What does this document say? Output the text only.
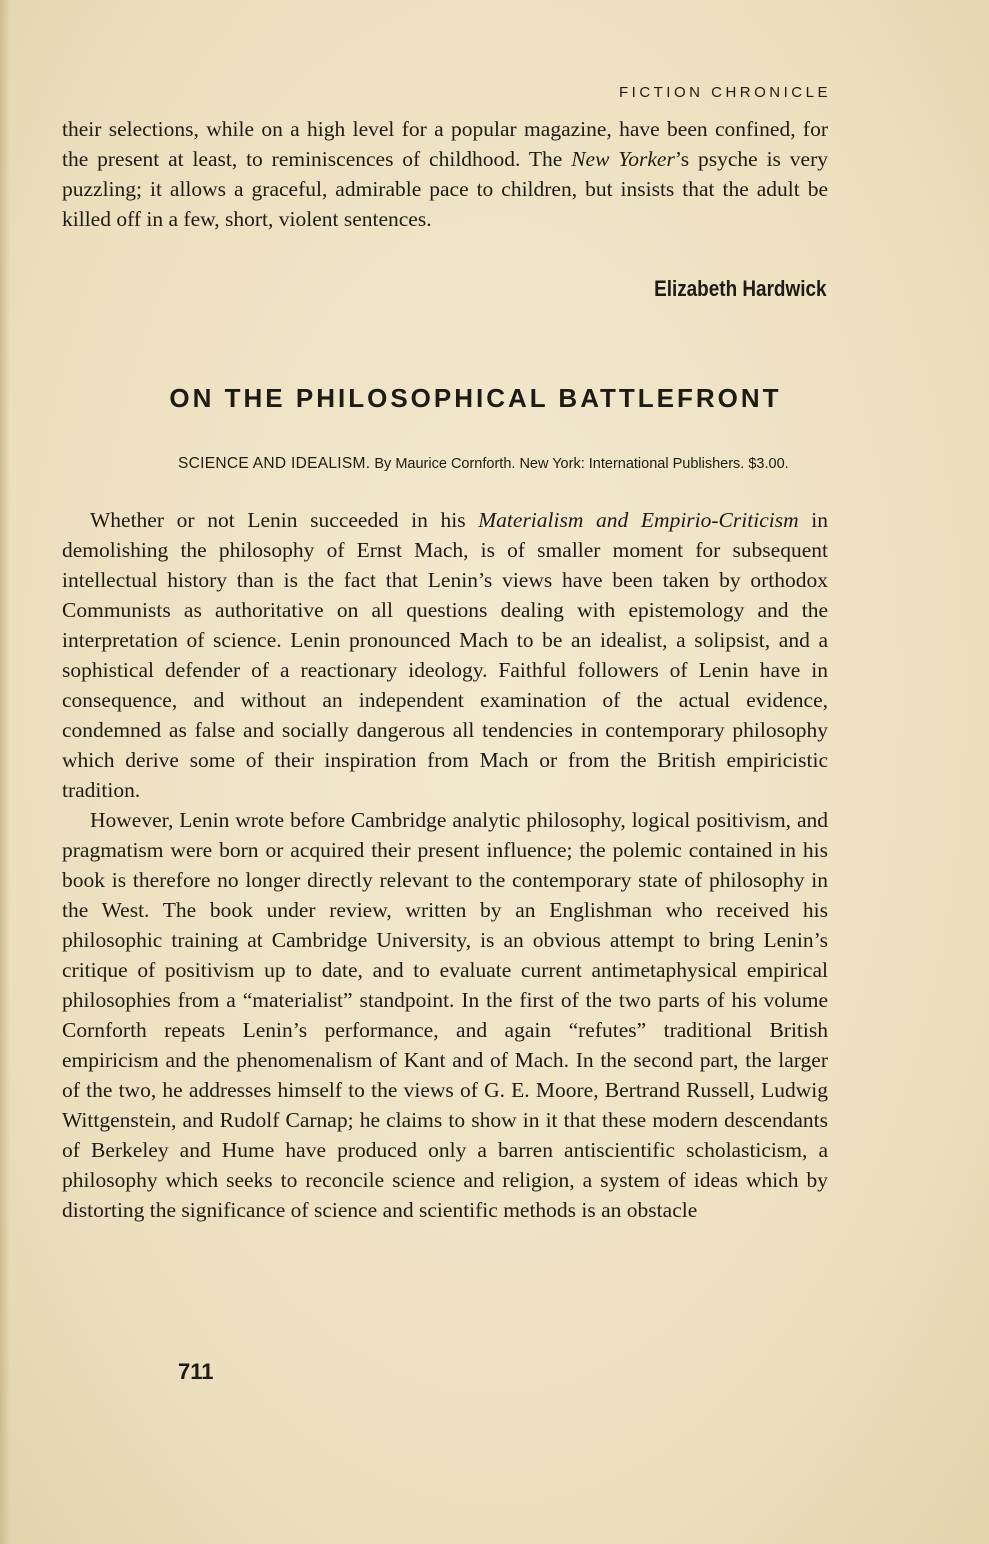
FICTION CHRONICLE

their selections, while on a high level for a popular magazine, have been confined, for the present at least, to reminiscences of childhood. The New Yorker’s psyche is very puzzling; it allows a graceful, admirable pace to children, but insists that the adult be killed off in a few, short, violent sentences.

Elizabeth Hardwick
ON THE PHILOSOPHICAL BATTLEFRONT
SCIENCE AND IDEALISM. By Maurice Cornforth. New York: International Publishers. $3.00.

Whether or not Lenin succeeded in his Materialism and Empirio-Criticism in demolishing the philosophy of Ernst Mach, is of smaller moment for subsequent intellectual history than is the fact that Lenin’s views have been taken by orthodox Communists as authoritative on all questions dealing with epistemology and the interpretation of science. Lenin pronounced Mach to be an idealist, a solipsist, and a sophistical defender of a reactionary ideology. Faithful followers of Lenin have in consequence, and without an independent examination of the actual evidence, condemned as false and socially dangerous all tendencies in contemporary philosophy which derive some of their inspiration from Mach or from the British empiricistic tradition.

However, Lenin wrote before Cambridge analytic philosophy, logical positivism, and pragmatism were born or acquired their present influence; the polemic contained in his book is therefore no longer directly relevant to the contemporary state of philosophy in the West. The book under review, written by an Englishman who received his philosophic training at Cambridge University, is an obvious attempt to bring Lenin’s critique of positivism up to date, and to evaluate current antimetaphysical empirical philosophies from a “materialist” standpoint. In the first of the two parts of his volume Cornforth repeats Lenin’s performance, and again “refutes” traditional British empiricism and the phenomenalism of Kant and of Mach. In the second part, the larger of the two, he addresses himself to the views of G. E. Moore, Bertrand Russell, Ludwig Wittgenstein, and Rudolf Carnap; he claims to show in it that these modern descendants of Berkeley and Hume have produced only a barren antiscientific scholasticism, a philosophy which seeks to reconcile science and religion, a system of ideas which by distorting the significance of science and scientific methods is an obstacle

711
